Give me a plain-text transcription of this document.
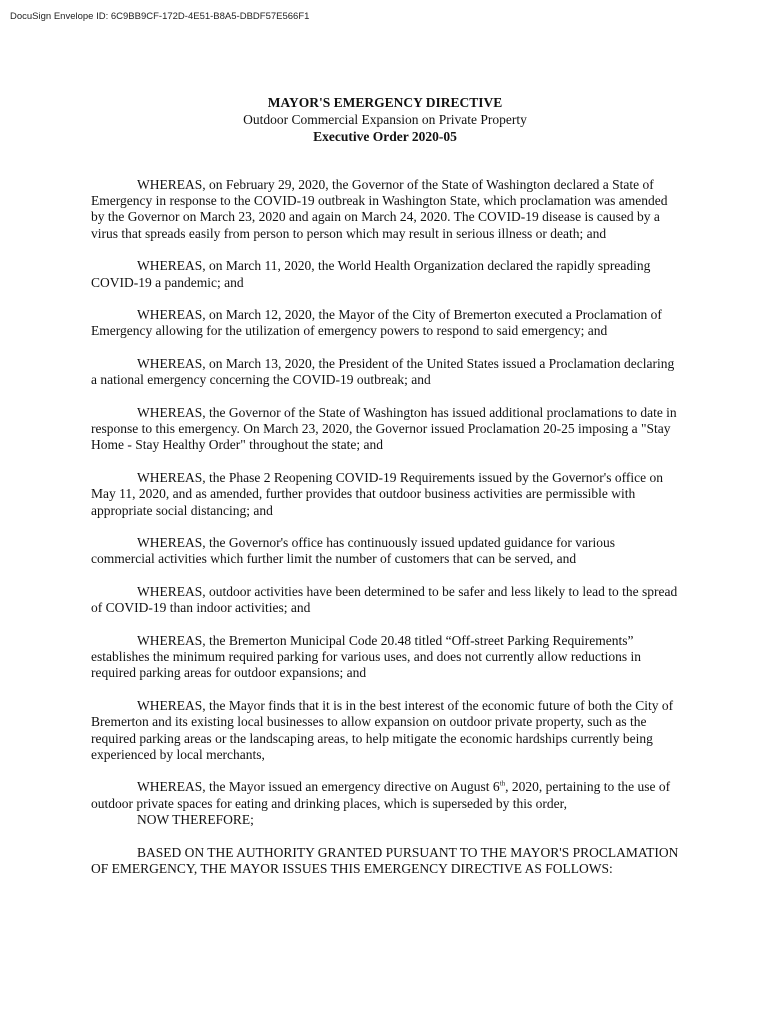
DocuSign Envelope ID: 6C9BB9CF-172D-4E51-B8A5-DBDF57E566F1
MAYOR'S EMERGENCY DIRECTIVE
Outdoor Commercial Expansion on Private Property
Executive Order 2020-05

WHEREAS, on February 29, 2020, the Governor of the State of Washington declared a State of Emergency in response to the COVID-19 outbreak in Washington State, which proclamation was amended by the Governor on March 23, 2020 and again on March 24, 2020. The COVID-19 disease is caused by a virus that spreads easily from person to person which may result in serious illness or death; and

WHEREAS, on March 11, 2020, the World Health Organization declared the rapidly spreading COVID-19 a pandemic; and

WHEREAS, on March 12, 2020, the Mayor of the City of Bremerton executed a Proclamation of Emergency allowing for the utilization of emergency powers to respond to said emergency; and

WHEREAS, on March 13, 2020, the President of the United States issued a Proclamation declaring a national emergency concerning the COVID-19 outbreak; and

WHEREAS, the Governor of the State of Washington has issued additional proclamations to date in response to this emergency. On March 23, 2020, the Governor issued Proclamation 20-25 imposing a "Stay Home - Stay Healthy Order" throughout the state; and

WHEREAS, the Phase 2 Reopening COVID-19 Requirements issued by the Governor's office on May 11, 2020, and as amended, further provides that outdoor business activities are permissible with appropriate social distancing; and

WHEREAS, the Governor's office has continuously issued updated guidance for various commercial activities which further limit the number of customers that can be served, and

WHEREAS, outdoor activities have been determined to be safer and less likely to lead to the spread of COVID-19 than indoor activities; and

WHEREAS, the Bremerton Municipal Code 20.48 titled “Off-street Parking Requirements” establishes the minimum required parking for various uses, and does not currently allow reductions in required parking areas for outdoor expansions; and

WHEREAS, the Mayor finds that it is in the best interest of the economic future of both the City of Bremerton and its existing local businesses to allow expansion on outdoor private property, such as the required parking areas or the landscaping areas, to help mitigate the economic hardships currently being experienced by local merchants,

WHEREAS, the Mayor issued an emergency directive on August 6th, 2020, pertaining to the use of outdoor private spaces for eating and drinking places, which is superseded by this order,

NOW THEREFORE;

BASED ON THE AUTHORITY GRANTED PURSUANT TO THE MAYOR'S PROCLAMATION OF EMERGENCY, THE MAYOR ISSUES THIS EMERGENCY DIRECTIVE AS FOLLOWS:
